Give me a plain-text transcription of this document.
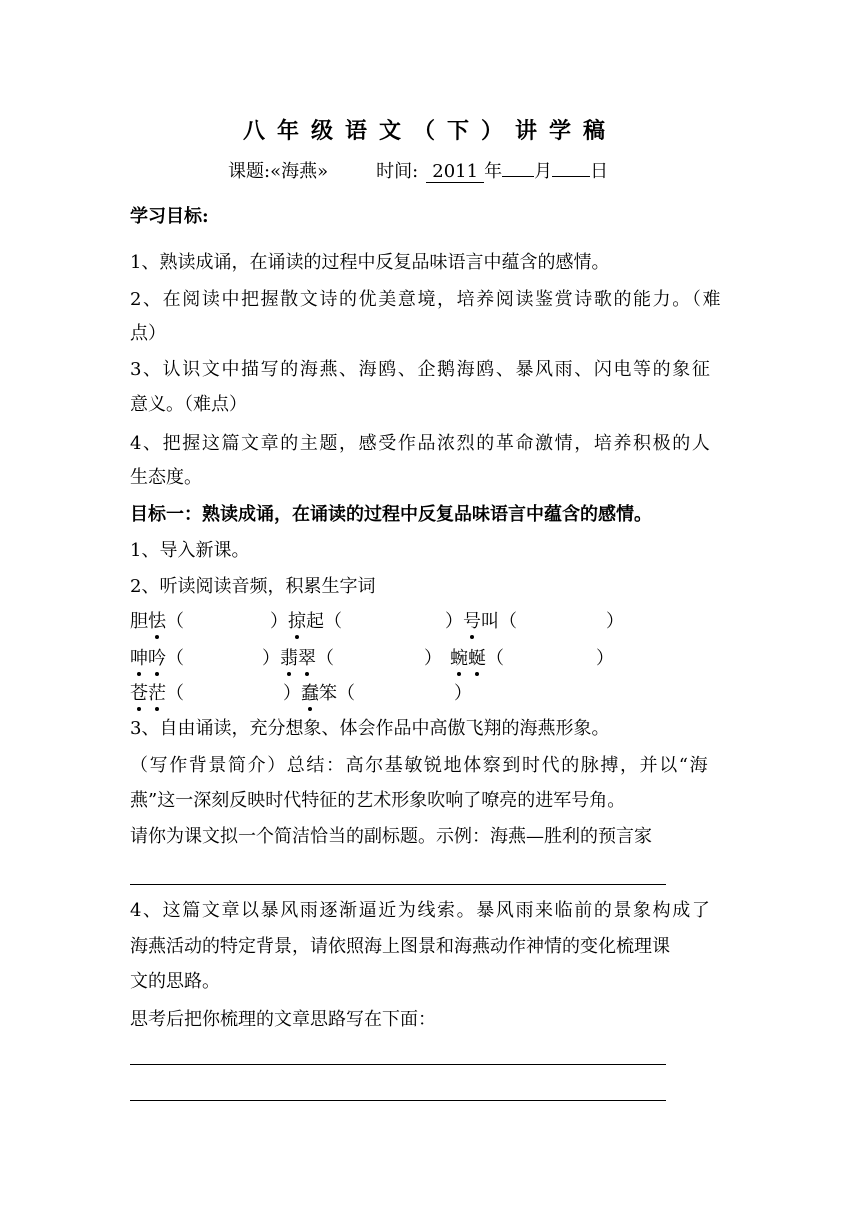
八年级语文（下）讲学稿
课题:«海燕»	时间: 2011 年 月 日
学习目标:
1、熟读成诵，在诵读的过程中反复品味语言中蕴含的感情。
2、在阅读中把握散文诗的优美意境，培养阅读鉴赏诗歌的能力。（难
点）
3、认识文中描写的海燕、海鸥、企鹅海鸥、暴风雨、闪电等的象征
意义。（难点）
4、把握这篇文章的主题，感受作品浓烈的革命激情，培养积极的人
生态度。
目标一：熟读成诵，在诵读的过程中反复品味语言中蕴含的感情。
1、导入新课。
2、听读阅读音频，积累生字词
胆怯（	）掠起（	）号叫（	）
呻吟（	）翡翠（	） 蜿蜒（	）
苍茫（	）蠢笨（	）
3、自由诵读，充分想象、体会作品中高傲飞翔的海燕形象。
（写作背景简介）总结：高尔基敏锐地体察到时代的脉搏，并以“海
燕”这一深刻反映时代特征的艺术形象吹响了嘹亮的进军号角。
请你为课文拟一个简洁恰当的副标题。示例：海燕—胜利的预言家
4、这篇文章以暴风雨逐渐逼近为线索。暴风雨来临前的景象构成了
海燕活动的特定背景，请依照海上图景和海燕动作神情的变化梳理课
文的思路。
思考后把你梳理的文章思路写在下面：
